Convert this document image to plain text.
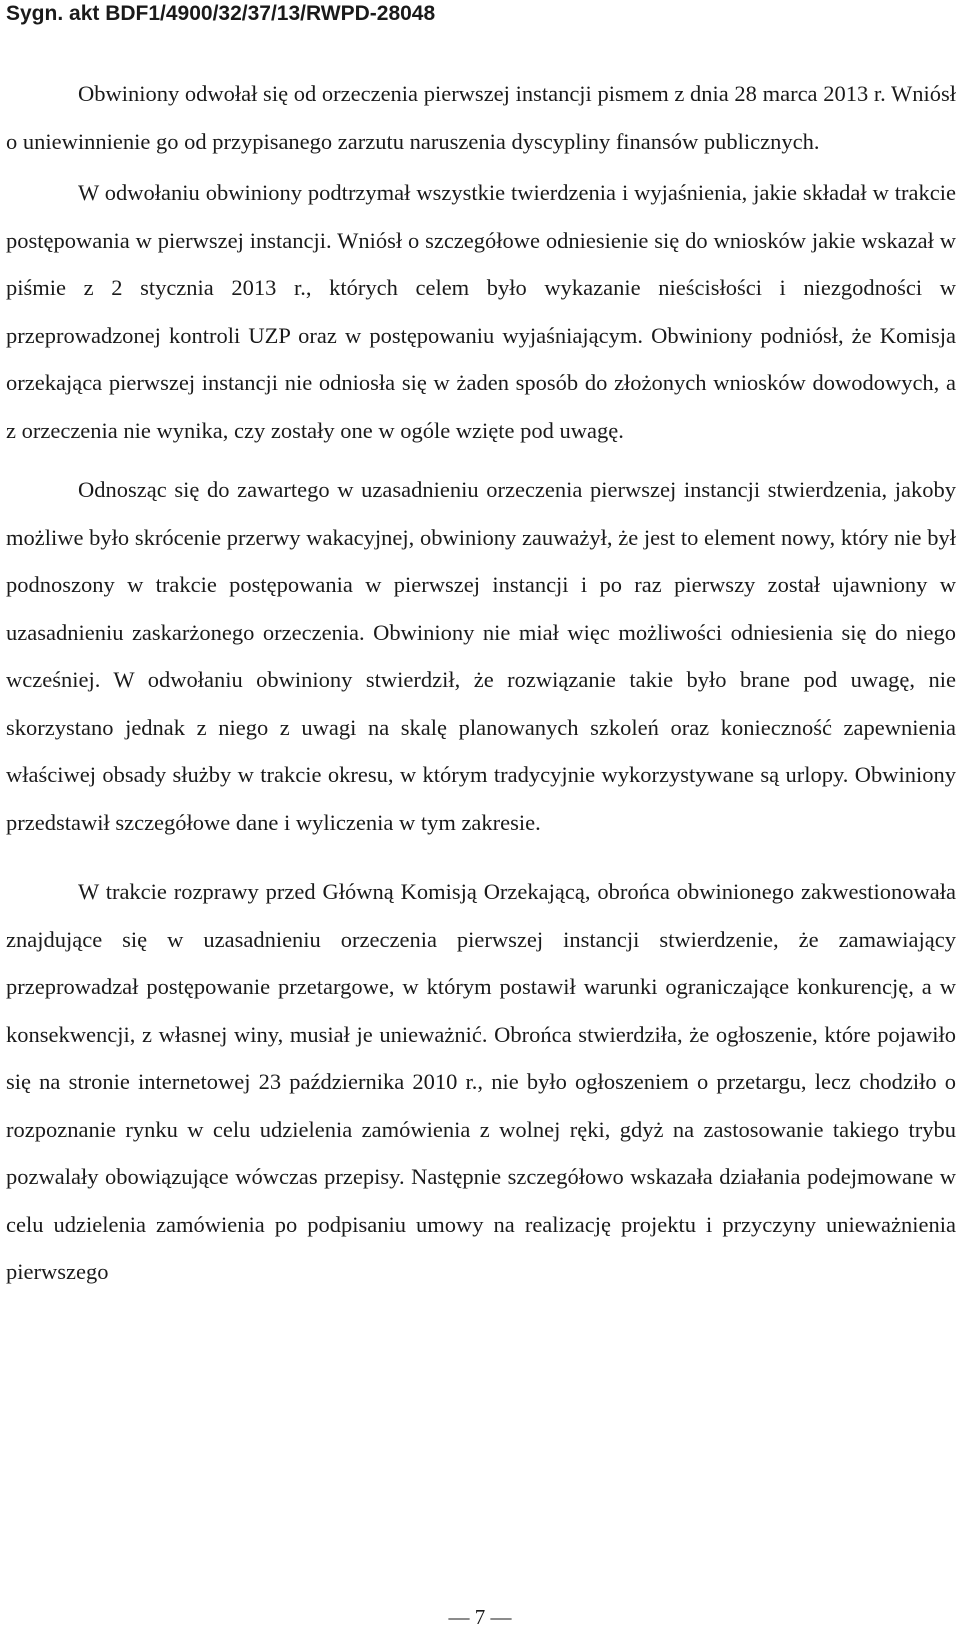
Sygn. akt BDF1/4900/32/37/13/RWPD-28048

Obwiniony odwołał się od orzeczenia pierwszej instancji pismem z dnia 28 marca 2013 r. Wniósł o uniewinnienie go od przypisanego zarzutu naruszenia dyscypliny finansów publicznych.

W odwołaniu obwiniony podtrzymał wszystkie twierdzenia i wyjaśnienia, jakie składał w trakcie postępowania w pierwszej instancji. Wniósł o szczegółowe odniesienie się do wniosków jakie wskazał w piśmie z 2 stycznia 2013 r., których celem było wykazanie nieścisłości i niezgodności w przeprowadzonej kontroli UZP oraz w postępowaniu wyjaśniającym. Obwiniony podniósł, że Komisja orzekająca pierwszej instancji nie odniosła się w żaden sposób do złożonych wniosków dowodowych, a z orzeczenia nie wynika, czy zostały one w ogóle wzięte pod uwagę.

Odnosząc się do zawartego w uzasadnieniu orzeczenia pierwszej instancji stwierdzenia, jakoby możliwe było skrócenie przerwy wakacyjnej, obwiniony zauważył, że jest to element nowy, który nie był podnoszony w trakcie postępowania w pierwszej instancji i po raz pierwszy został ujawniony w uzasadnieniu zaskarżonego orzeczenia. Obwiniony nie miał więc możliwości odniesienia się do niego wcześniej. W odwołaniu obwiniony stwierdził, że rozwiązanie takie było brane pod uwagę, nie skorzystano jednak z niego z uwagi na skalę planowanych szkoleń oraz konieczność zapewnienia właściwej obsady służby w trakcie okresu, w którym tradycyjnie wykorzystywane są urlopy. Obwiniony przedstawił szczegółowe dane i wyliczenia w tym zakresie.

W trakcie rozprawy przed Główną Komisją Orzekającą, obrońca obwinionego zakwestionowała znajdujące się w uzasadnieniu orzeczenia pierwszej instancji stwierdzenie, że zamawiający przeprowadzał postępowanie przetargowe, w którym postawił warunki ograniczające konkurencję, a w konsekwencji, z własnej winy, musiał je unieważnić. Obrońca stwierdziła, że ogłoszenie, które pojawiło się na stronie internetowej 23 października 2010 r., nie było ogłoszeniem o przetargu, lecz chodziło o rozpoznanie rynku w celu udzielenia zamówienia z wolnej ręki, gdyż na zastosowanie takiego trybu pozwalały obowiązujące wówczas przepisy. Następnie szczegółowo wskazała działania podejmowane w celu udzielenia zamówienia po podpisaniu umowy na realizację projektu i przyczyny unieważnienia pierwszego

— 7 —
